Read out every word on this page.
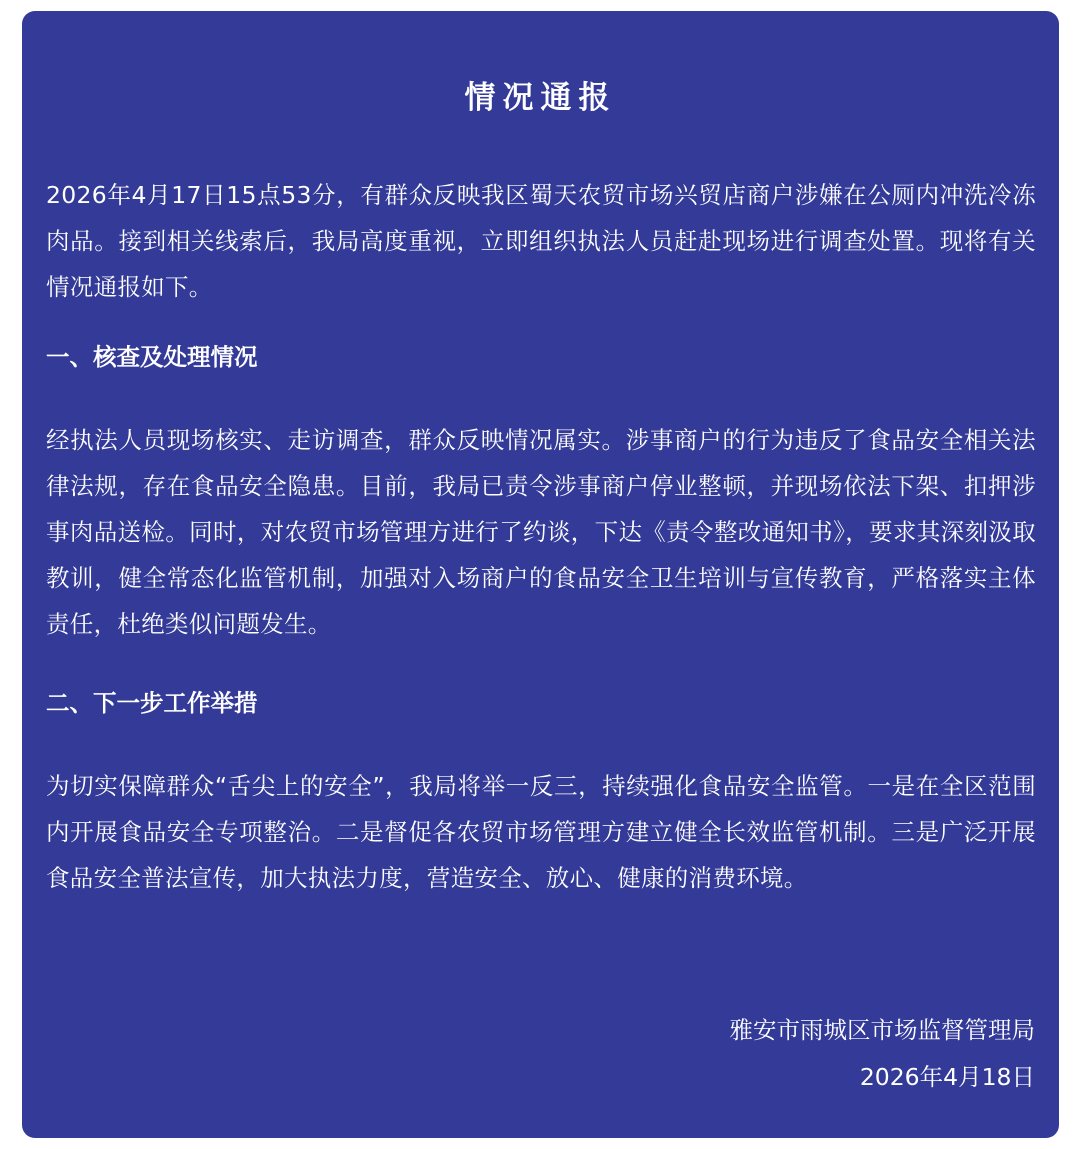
情况通报

2026年4月17日15点53分，有群众反映我区蜀天农贸市场兴贸店商户涉嫌在公厕内冲洗冷冻肉品。接到相关线索后，我局高度重视，立即组织执法人员赶赴现场进行调查处置。现将有关情况通报如下。

一、核查及处理情况

经执法人员现场核实、走访调查，群众反映情况属实。涉事商户的行为违反了食品安全相关法律法规，存在食品安全隐患。目前，我局已责令涉事商户停业整顿，并现场依法下架、扣押涉事肉品送检。同时，对农贸市场管理方进行了约谈，下达《责令整改通知书》，要求其深刻汲取教训，健全常态化监管机制，加强对入场商户的食品安全卫生培训与宣传教育，严格落实主体责任，杜绝类似问题发生。

二、下一步工作举措

为切实保障群众“舌尖上的安全”，我局将举一反三，持续强化食品安全监管。一是在全区范围内开展食品安全专项整治。二是督促各农贸市场管理方建立健全长效监管机制。三是广泛开展食品安全普法宣传，加大执法力度，营造安全、放心、健康的消费环境。

雅安市雨城区市场监督管理局
2026年4月18日
